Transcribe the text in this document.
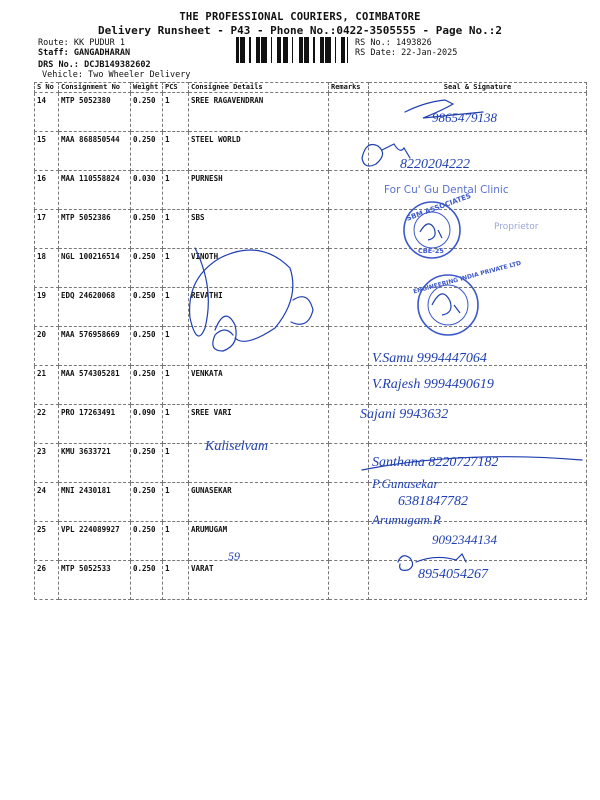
THE PROFESSIONAL COURIERS, COIMBATORE
Delivery Runsheet - P43 - Phone No.:0422-3505555 - Page No.:2
Route: KK PUDUR 1
Staff: GANGADHARAN
DRS No.: DCJB149382602
Vehicle: Two Wheeler Delivery
RS No.: 1493826
RS Date: 22-Jan-2025
S No	Consignment No	Weight	PCS	Consignee Details	Remarks	Seal & Signature
14	MTP 5052380	0.250	1	SREE RAGAVENDRAN		
15	MAA 868850544	0.250	1	STEEL WORLD		
16	MAA 110558824	0.030	1	PURNESH		
17	MTP 5052386	0.250	1	SBS		
18	NGL 100216514	0.250	1	VINOTH		
19	EDQ 24620068	0.250	1	REVATHI		
20	MAA 576958669	0.250	1			
21	MAA 574305281	0.250	1	VENKATA		
22	PRO 17263491	0.090	1	SREE VARI		
23	KMU 3633721	0.250	1			
24	MNI 2430181	0.250	1	GUNASEKAR		
25	VPL 224089927	0.250	1	ARUMUGAM		
26	MTP 5052533	0.250	1	VARAT		
9865479138
8220204222
V.Samu 9994447064
V.Rajesh 9994490619
Sajani 9943632
Kaliselvam
Santhana 8220727182
P.Gunasekar
6381847782
Arumugam.R
9092344134
59
8954054267
For Cu' Gu Dental Clinic
SBM ASSOCIATES
CBE-25
Proprietor
ENGINEERING INDIA PRIVATE LTD
